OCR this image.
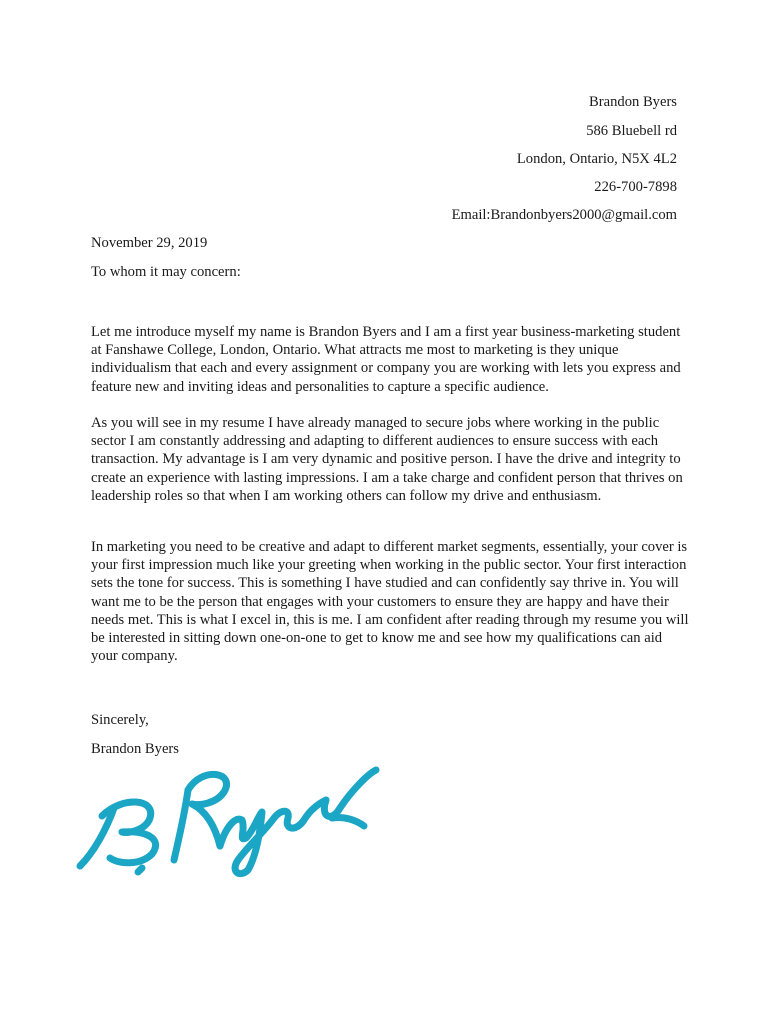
Brandon Byers
586 Bluebell rd
London, Ontario, N5X 4L2
226-700-7898
Email:Brandonbyers2000@gmail.com
November 29, 2019
To whom it may concern:
Let me introduce myself my name is Brandon Byers and I am a first year business-marketing student at Fanshawe College, London, Ontario. What attracts me most to marketing is they unique individualism that each and every assignment or company you are working with lets you express and feature new and inviting ideas and personalities to capture a specific audience.
As you will see in my resume I have already managed to secure jobs where working in the public sector I am constantly addressing and adapting to different audiences to ensure success with each transaction. My advantage is I am very dynamic and positive person. I have the drive and integrity to create an experience with lasting impressions. I am a take charge and confident person that thrives on leadership roles so that when I am working others can follow my drive and enthusiasm.
In marketing you need to be creative and adapt to different market segments, essentially, your cover is your first impression much like your greeting when working in the public sector. Your first interaction sets the tone for success. This is something I have studied and can confidently say thrive in. You will want me to be the person that engages with your customers to ensure they are happy and have their needs met. This is what I excel in, this is me. I am confident after reading through my resume you will be interested in sitting down one-on-one to get to know me and see how my qualifications can aid your company.
Sincerely,
Brandon Byers
